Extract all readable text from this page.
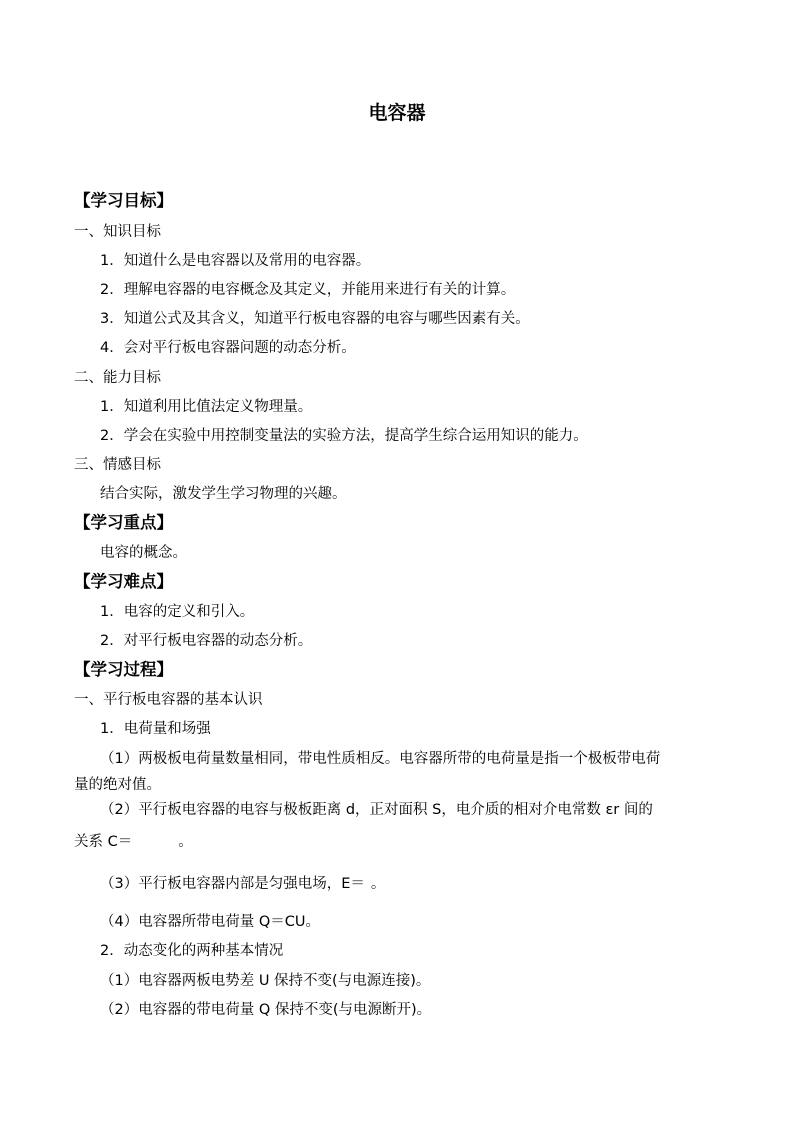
电容器
【学习目标】
一、知识目标
1．知道什么是电容器以及常用的电容器。
2．理解电容器的电容概念及其定义，并能用来进行有关的计算。
3．知道公式及其含义，知道平行板电容器的电容与哪些因素有关。
4．会对平行板电容器问题的动态分析。
二、能力目标
1．知道利用比值法定义物理量。
2．学会在实验中用控制变量法的实验方法，提高学生综合运用知识的能力。
三、情感目标
结合实际，激发学生学习物理的兴趣。
【学习重点】
电容的概念。
【学习难点】
1．电容的定义和引入。
2．对平行板电容器的动态分析。
【学习过程】
一、平行板电容器的基本认识
1．电荷量和场强
（1）两极板电荷量数量相同，带电性质相反。电容器所带的电荷量是指一个极板带电荷
量的绝对值。
（2）平行板电容器的电容与极板距离 d，正对面积 S，电介质的相对介电常数 εr 间的
关系 C＝	。
（3）平行板电容器内部是匀强电场，E＝ 。
（4）电容器所带电荷量 Q＝CU。
2．动态变化的两种基本情况
（1）电容器两板电势差 U 保持不变(与电源连接)。
（2）电容器的带电荷量 Q 保持不变(与电源断开)。
